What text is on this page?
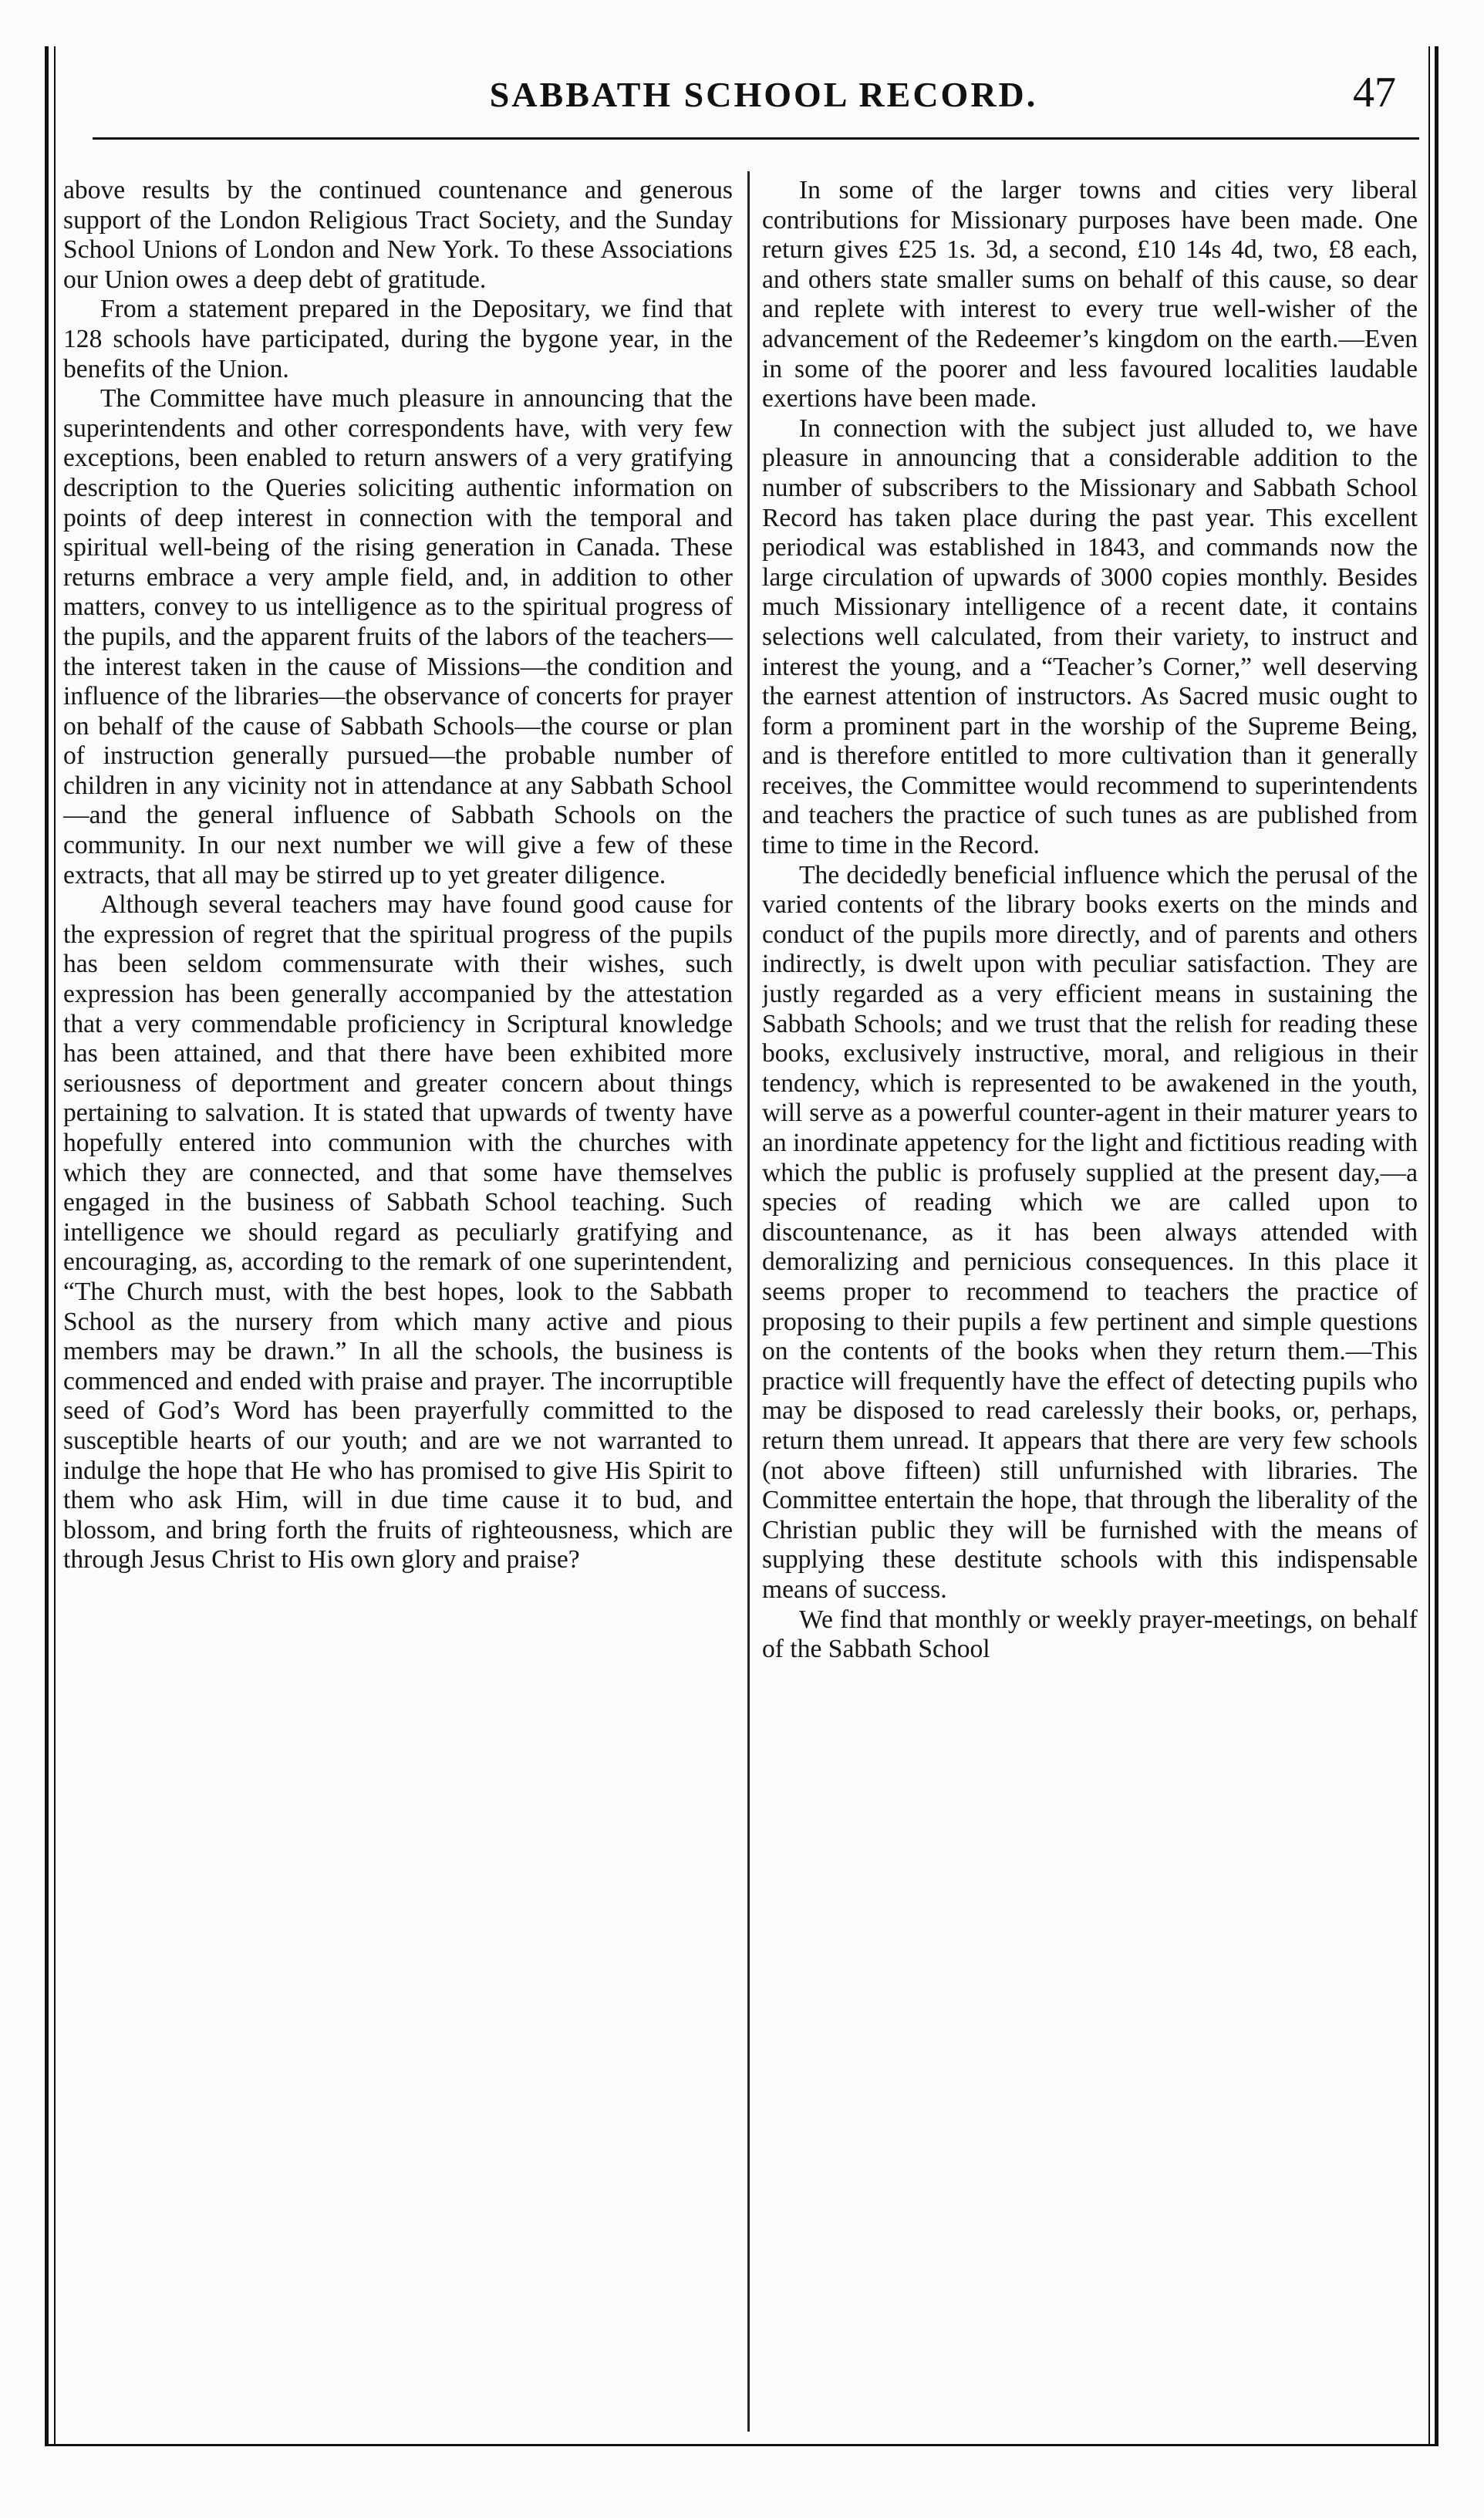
SABBATH SCHOOL RECORD.	47

above results by the continued countenance and generous support of the London Religious Tract Society, and the Sunday School Unions of London and New York. To these Associations our Union owes a deep debt of gratitude.

From a statement prepared in the Depositary, we find that 128 schools have participated, during the bygone year, in the benefits of the Union.

The Committee have much pleasure in announcing that the superintendents and other correspondents have, with very few exceptions, been enabled to return answers of a very gratifying description to the Queries soliciting authentic information on points of deep interest in connection with the temporal and spiritual well-being of the rising generation in Canada. These returns embrace a very ample field, and, in addition to other matters, convey to us intelligence as to the spiritual progress of the pupils, and the apparent fruits of the labors of the teachers—the interest taken in the cause of Missions—the condition and influence of the libraries—the observance of concerts for prayer on behalf of the cause of Sabbath Schools—the course or plan of instruction generally pursued—the probable number of children in any vicinity not in attendance at any Sabbath School—and the general influence of Sabbath Schools on the community. In our next number we will give a few of these extracts, that all may be stirred up to yet greater diligence.

Although several teachers may have found good cause for the expression of regret that the spiritual progress of the pupils has been seldom commensurate with their wishes, such expression has been generally accompanied by the attestation that a very commendable proficiency in Scriptural knowledge has been attained, and that there have been exhibited more seriousness of deportment and greater concern about things pertaining to salvation. It is stated that upwards of twenty have hopefully entered into communion with the churches with which they are connected, and that some have themselves engaged in the business of Sabbath School teaching. Such intelligence we should regard as peculiarly gratifying and encouraging, as, according to the remark of one superintendent, “The Church must, with the best hopes, look to the Sabbath School as the nursery from which many active and pious members may be drawn.” In all the schools, the business is commenced and ended with praise and prayer. The incorruptible seed of God’s Word has been prayerfully committed to the susceptible hearts of our youth; and are we not warranted to indulge the hope that He who has promised to give His Spirit to them who ask Him, will in due time cause it to bud, and blossom, and bring forth the fruits of righteousness, which are through Jesus Christ to His own glory and praise?

In some of the larger towns and cities very liberal contributions for Missionary purposes have been made. One return gives £25 1s. 3d, a second, £10 14s 4d, two, £8 each, and others state smaller sums on behalf of this cause, so dear and replete with interest to every true well-wisher of the advancement of the Redeemer’s kingdom on the earth.—Even in some of the poorer and less favoured localities laudable exertions have been made.

In connection with the subject just alluded to, we have pleasure in announcing that a considerable addition to the number of subscribers to the Missionary and Sabbath School Record has taken place during the past year. This excellent periodical was established in 1843, and commands now the large circulation of upwards of 3000 copies monthly. Besides much Missionary intelligence of a recent date, it contains selections well calculated, from their variety, to instruct and interest the young, and a “Teacher’s Corner,” well deserving the earnest attention of instructors. As Sacred music ought to form a prominent part in the worship of the Supreme Being, and is therefore entitled to more cultivation than it generally receives, the Committee would recommend to superintendents and teachers the practice of such tunes as are published from time to time in the Record.

The decidedly beneficial influence which the perusal of the varied contents of the library books exerts on the minds and conduct of the pupils more directly, and of parents and others indirectly, is dwelt upon with peculiar satisfaction. They are justly regarded as a very efficient means in sustaining the Sabbath Schools; and we trust that the relish for reading these books, exclusively instructive, moral, and religious in their tendency, which is represented to be awakened in the youth, will serve as a powerful counter-agent in their maturer years to an inordinate appetency for the light and fictitious reading with which the public is profusely supplied at the present day,—a species of reading which we are called upon to discountenance, as it has been always attended with demoralizing and pernicious consequences. In this place it seems proper to recommend to teachers the practice of proposing to their pupils a few pertinent and simple questions on the contents of the books when they return them.—This practice will frequently have the effect of detecting pupils who may be disposed to read carelessly their books, or, perhaps, return them unread. It appears that there are very few schools (not above fifteen) still unfurnished with libraries. The Committee entertain the hope, that through the liberality of the Christian public they will be furnished with the means of supplying these destitute schools with this indispensable means of success.

We find that monthly or weekly prayer-meetings, on behalf of the Sabbath School
